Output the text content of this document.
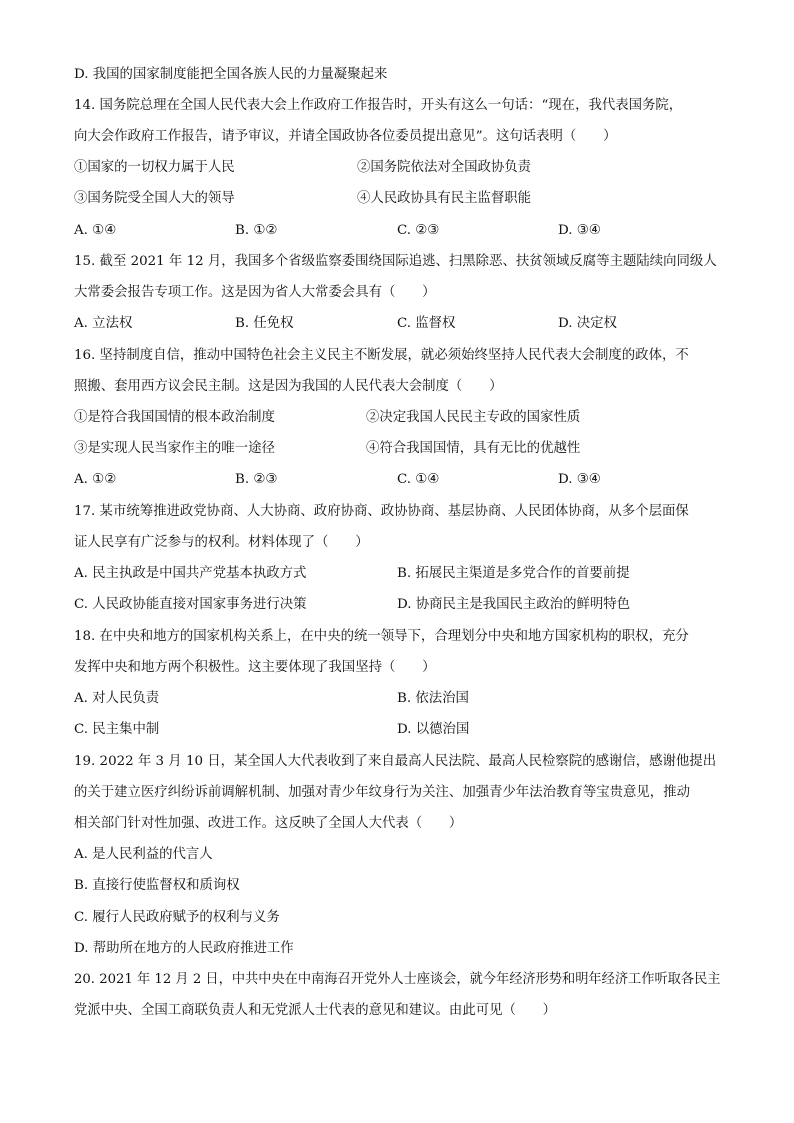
D. 我国的国家制度能把全国各族人民的力量凝聚起来
14. 国务院总理在全国人民代表大会上作政府工作报告时，开头有这么一句话：“现在，我代表国务院，
向大会作政府工作报告，请予审议，并请全国政协各位委员提出意见”。这句话表明（　　）
①国家的一切权力属于人民	②国务院依法对全国政协负责
③国务院受全国人大的领导	④人民政协具有民主监督职能
A. ①④	B. ①②	C. ②③	D. ③④
15. 截至 2021 年 12 月，我国多个省级监察委围绕国际追逃、扫黑除恶、扶贫领域反腐等主题陆续向同级人
大常委会报告专项工作。这是因为省人大常委会具有（　　）
A. 立法权	B. 任免权	C. 监督权	D. 决定权
16. 坚持制度自信，推动中国特色社会主义民主不断发展，就必须始终坚持人民代表大会制度的政体，不
照搬、套用西方议会民主制。这是因为我国的人民代表大会制度（　　）
①是符合我国国情的根本政治制度	②决定我国人民民主专政的国家性质
③是实现人民当家作主的唯一途径	④符合我国国情，具有无比的优越性
A. ①②	B. ②③	C. ①④	D. ③④
17. 某市统筹推进政党协商、人大协商、政府协商、政协协商、基层协商、人民团体协商，从多个层面保
证人民享有广泛参与的权利。材料体现了（　　）
A. 民主执政是中国共产党基本执政方式	B. 拓展民主渠道是多党合作的首要前提
C. 人民政协能直接对国家事务进行决策	D. 协商民主是我国民主政治的鲜明特色
18. 在中央和地方的国家机构关系上，在中央的统一领导下，合理划分中央和地方国家机构的职权，充分
发挥中央和地方两个积极性。这主要体现了我国坚持（　　）
A. 对人民负责	B. 依法治国
C. 民主集中制	D. 以德治国
19. 2022 年 3 月 10 日，某全国人大代表收到了来自最高人民法院、最高人民检察院的感谢信，感谢他提出
的关于建立医疗纠纷诉前调解机制、加强对青少年纹身行为关注、加强青少年法治教育等宝贵意见，推动
相关部门针对性加强、改进工作。这反映了全国人大代表（　　）
A. 是人民利益的代言人
B. 直接行使监督权和质询权
C. 履行人民政府赋予的权利与义务
D. 帮助所在地方的人民政府推进工作
20. 2021 年 12 月 2 日，中共中央在中南海召开党外人士座谈会，就今年经济形势和明年经济工作听取各民主
党派中央、全国工商联负责人和无党派人士代表的意见和建议。由此可见（　　）
